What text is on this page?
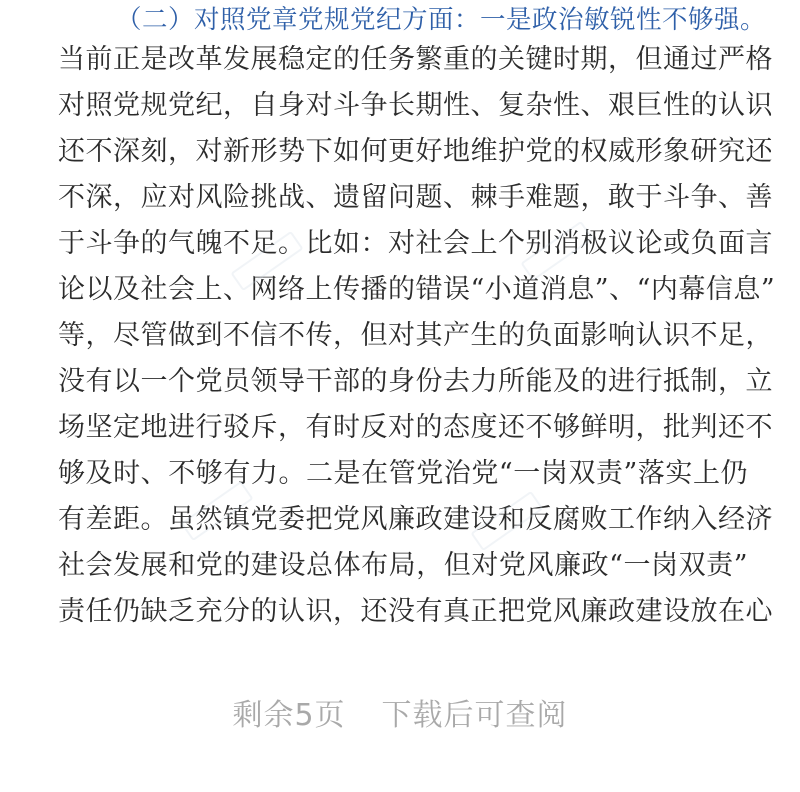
（二）对照党章党规党纪方面：一是政治敏锐性不够强。
当前正是改革发展稳定的任务繁重的关键时期，但通过严格
对照党规党纪，自身对斗争长期性、复杂性、艰巨性的认识
还不深刻，对新形势下如何更好地维护党的权威形象研究还
不深，应对风险挑战、遗留问题、棘手难题，敢于斗争、善
于斗争的气魄不足。比如：对社会上个别消极议论或负面言
论以及社会上、网络上传播的错误“小道消息”、“内幕信息”
等，尽管做到不信不传，但对其产生的负面影响认识不足，
没有以一个党员领导干部的身份去力所能及的进行抵制，立
场坚定地进行驳斥，有时反对的态度还不够鲜明，批判还不
够及时、不够有力。二是在管党治党“一岗双责”落实上仍
有差距。虽然镇党委把党风廉政建设和反腐败工作纳入经济
社会发展和党的建设总体布局，但对党风廉政“一岗双责”
责任仍缺乏充分的认识，还没有真正把党风廉政建设放在心
剩余5页 下载后可查阅
